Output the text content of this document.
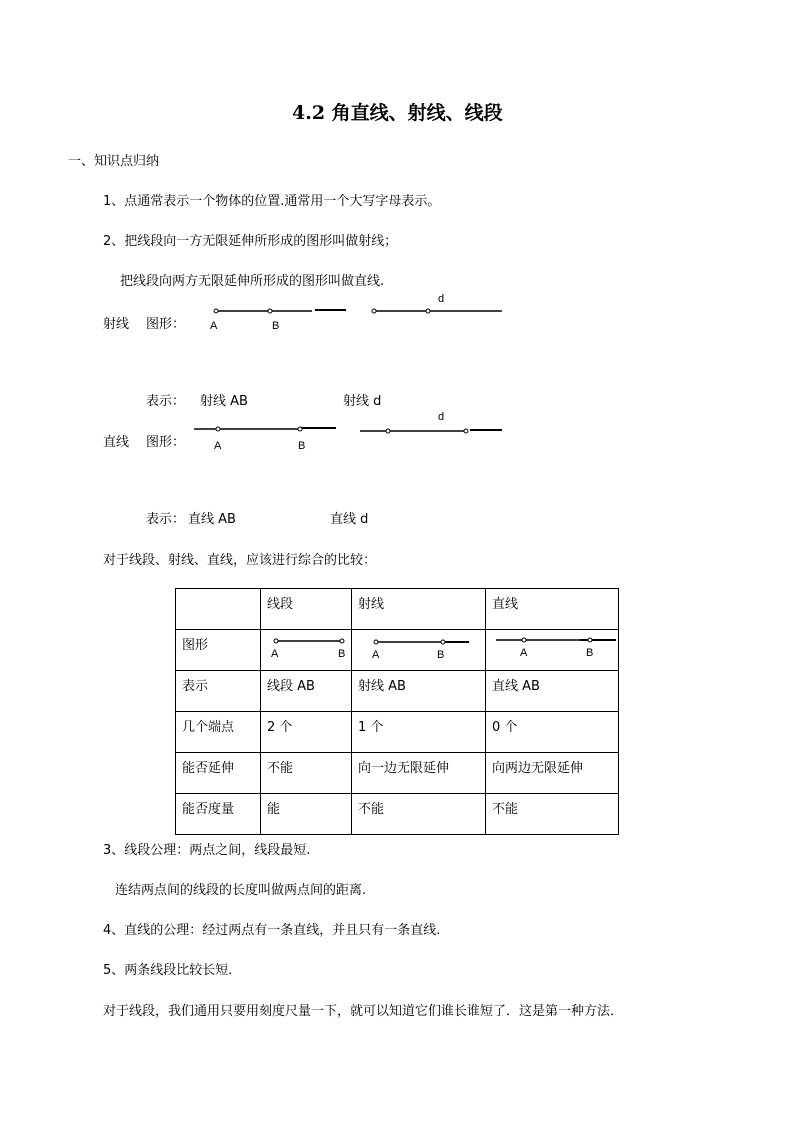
4.2 角直线、射线、线段
一、知识点归纳
1、点通常表示一个物体的位置.通常用一个大写字母表示。
2、把线段向一方无限延伸所形成的图形叫做射线；
把线段向两方无限延伸所形成的图形叫做直线.
射线 图形： A	B
d
表示： 射线 AB	射线 d
直线 图形：	A	B
d
表示： 直线 AB	直线 d
对于线段、射线、直线，应该进行综合的比较：
	线段	射线	直线
图形	A B	A B	A B

表示	线段 AB	射线 AB	直线 AB
几个端点	2 个	1 个	0 个
能否延伸	不能	向一边无限延伸	向两边无限延伸
能否度量	能	不能	不能
3、线段公理：两点之间，线段最短.
连结两点间的线段的长度叫做两点间的距离.
4、直线的公理：经过两点有一条直线，并且只有一条直线.
5、两条线段比较长短．
对于线段，我们通用只要用刻度尺量一下，就可以知道它们谁长谁短了．这是第一种方法．
